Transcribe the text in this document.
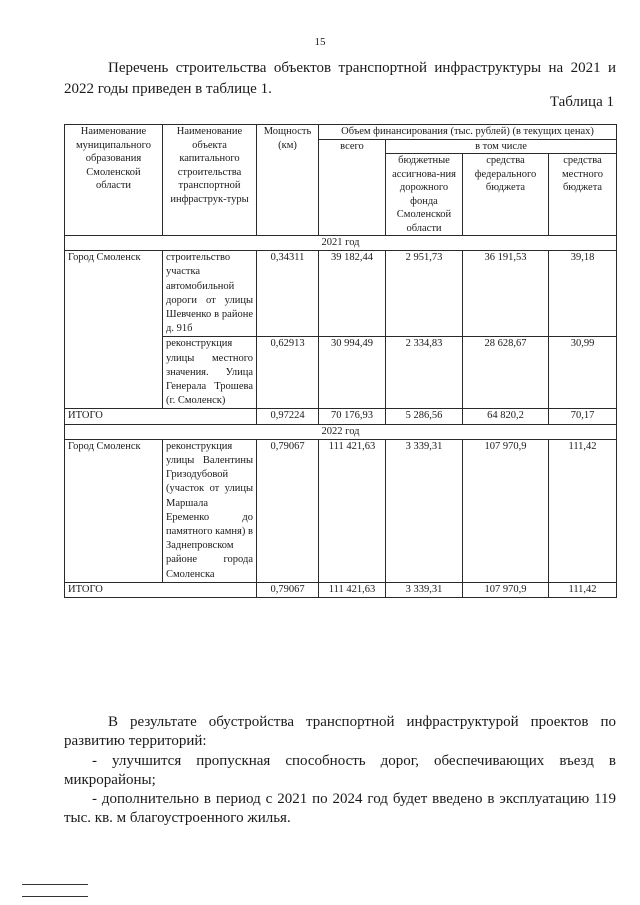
15

Перечень строительства объектов транспортной инфраструктуры на 2021 и 2022 годы приведен в таблице 1.

Таблица 1
Наименование муниципального образования Смоленской области	Наименование объекта капитального строительства транспортной инфраструк-туры	Мощность (км)	Объем финансирования (тыс. рублей) (в текущих ценах)			
			всего	в том числе		
				бюджетные ассигнова-ния дорожного фонда Смоленской области	средства федерального бюджета	средства местного бюджета
2021 год						
Город Смоленск	строительство участка автомобильной дороги от улицы Шевченко в районе д. 91б	0,34311	39 182,44	2 951,73	36 191,53	39,18
	реконструкция улицы местного значения. Улица Генерала Трошева (г. Смоленск)	0,62913	30 994,49	2 334,83	28 628,67	30,99
ИТОГО		0,97224	70 176,93	5 286,56	64 820,2	70,17
2022 год						
Город Смоленск	реконструкция улицы Валентины Гризодубовой (участок от улицы Маршала Еременко до памятного камня) в Заднепровском районе города Смоленска	0,79067	111 421,63	3 339,31	107 970,9	111,42
ИТОГО		0,79067	111 421,63	3 339,31	107 970,9	111,42

В результате обустройства транспортной инфраструктурой проектов по развитию территорий:

- улучшится пропускная способность дорог, обеспечивающих въезд в микрорайоны;

- дополнительно в период с 2021 по 2024 год будет введено в эксплуатацию 119 тыс. кв. м благоустроенного жилья.
